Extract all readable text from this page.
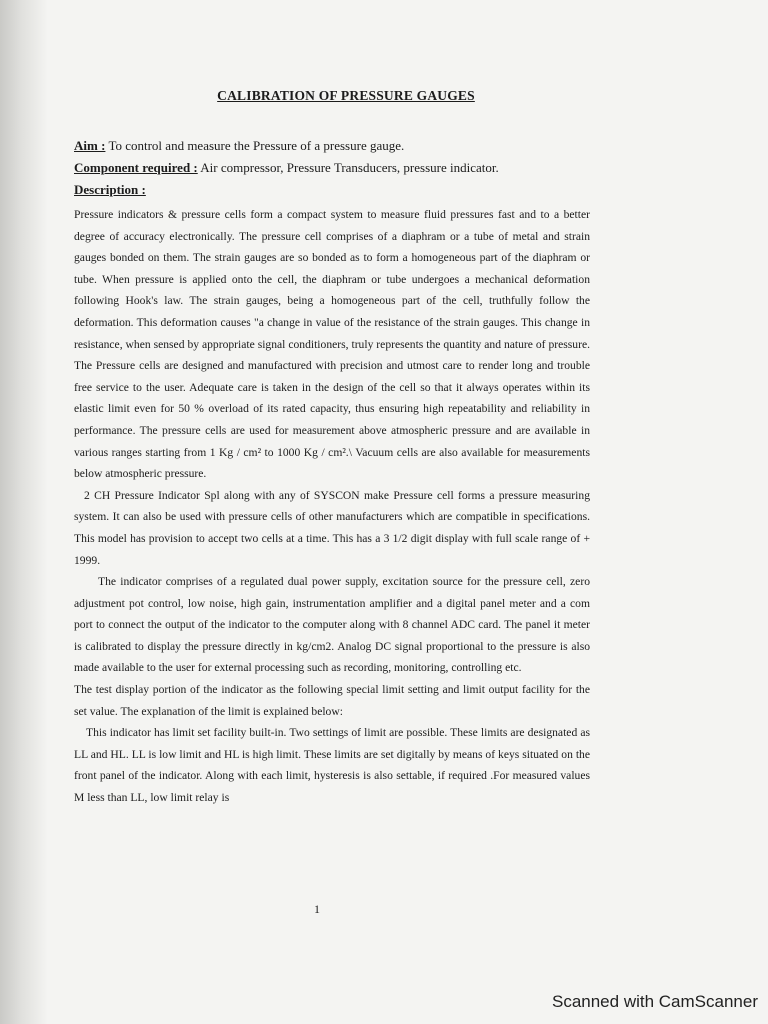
CALIBRATION OF PRESSURE GAUGES
Aim : To control and measure the Pressure of a pressure gauge.
Component required : Air compressor, Pressure Transducers, pressure indicator.
Description :

Pressure indicators & pressure cells form a compact system to measure fluid pressures fast and to a better degree of accuracy electronically. The pressure cell comprises of a diaphram or a tube of metal and strain gauges bonded on them. The strain gauges are so bonded as to form a homogeneous part of the diaphram or tube. When pressure is applied onto the cell, the diaphram or tube undergoes a mechanical deformation following Hook's law. The strain gauges, being a homogeneous part of the cell, truthfully follow the deformation. This deformation causes "a change in value of the resistance of the strain gauges. This change in resistance, when sensed by appropriate signal conditioners, truly represents the quantity and nature of pressure. The Pressure cells are designed and manufactured with precision and utmost care to render long and trouble free service to the user. Adequate care is taken in the design of the cell so that it always operates within its elastic limit even for 50 % overload of its rated capacity, thus ensuring high repeatability and reliability in performance. The pressure cells are used for measurement above atmospheric pressure and are available in various ranges starting from 1 Kg / cm² to 1000 Kg / cm².\ Vacuum cells are also available for measurements below atmospheric pressure.

2 CH Pressure Indicator Spl along with any of SYSCON make Pressure cell forms a pressure measuring system. It can also be used with pressure cells of other manufacturers which are compatible in specifications. This model has provision to accept two cells at a time. This has a 3 1/2 digit display with full scale range of + 1999.

The indicator comprises of a regulated dual power supply, excitation source for the pressure cell, zero adjustment pot control, low noise, high gain, instrumentation amplifier and a digital panel meter and a com port to connect the output of the indicator to the computer along with 8 channel ADC card. The panel it meter is calibrated to display the pressure directly in kg/cm2. Analog DC signal proportional to the pressure is also made available to the user for external processing such as recording, monitoring, controlling etc.

The test display portion of the indicator as the following special limit setting and limit output facility for the set value. The explanation of the limit is explained below:

This indicator has limit set facility built-in. Two settings of limit are possible. These limits are designated as LL and HL. LL is low limit and HL is high limit. These limits are set digitally by means of keys situated on the front panel of the indicator. Along with each limit, hysteresis is also settable, if required .For measured values M less than LL, low limit relay is

1
Scanned with CamScanner
